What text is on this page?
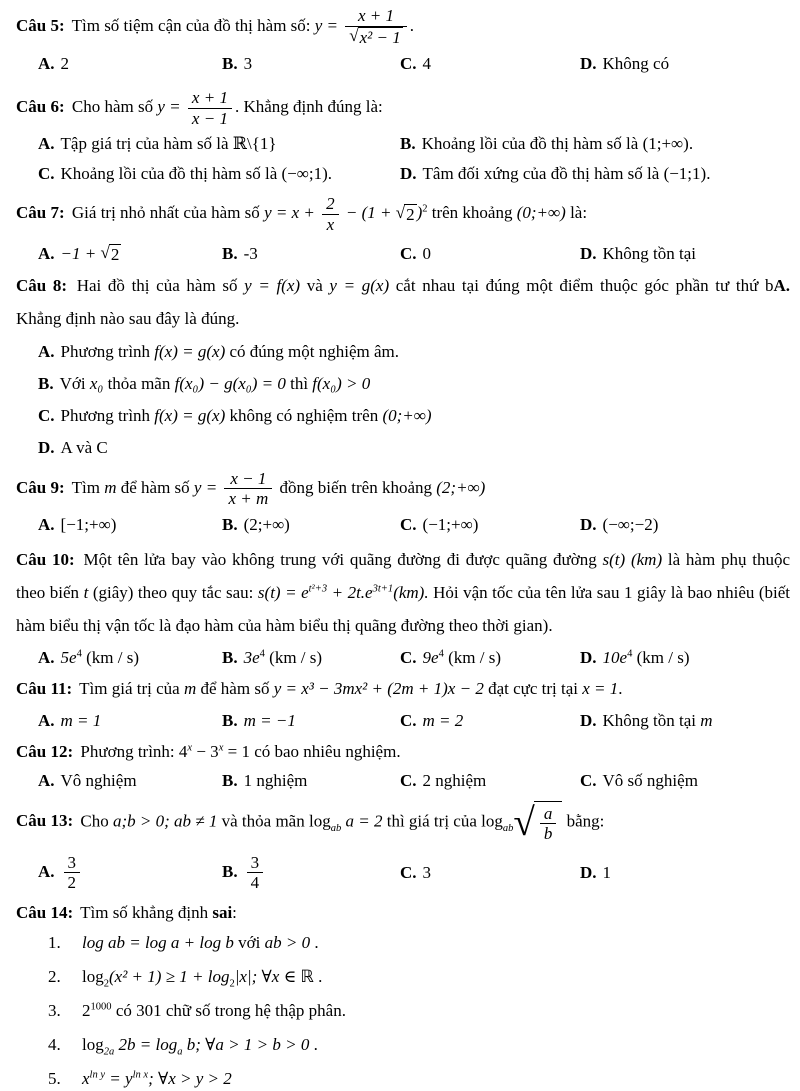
Câu 5: Tìm số tiệm cận của đồ thị hàm số: $y = \frac{x + 1}{\text{√ x² − 1}}$ .
A. 2	B. 3	C. 4	D. Không có
Câu 6: Cho hàm số $y = \frac{x + 1}{x - 1}$ . Khẳng định đúng là:
A. Tập giá trị của hàm số là ℝ\{1}	B. Khoảng lồi của đồ thị hàm số là (1;+∞).
C. Khoảng lồi của đồ thị hàm số là (−∞;1).	D. Tâm đối xứng của đồ thị hàm số là (−1;1).
Câu 7: Giá trị nhỏ nhất của hàm số $y = x + \frac{2}{x} - (1$ + √ 2 )$^2$ trên khoảng (0;+∞) là:
A. −1 + √ 2	B. -3	C. 0	D. Không tồn tại
Câu 8: Hai đồ thị của hàm số y = f(x) và y = g(x) cắt nhau tại đúng một điểm thuộc góc phần tư thứ bA.
Khẳng định nào sau đây là đúng.
A. Phương trình f(x) = g(x) có đúng một nghiệm âm.
B. Với x₀ thỏa mãn f(x₀) − g(x₀) = 0 thì f(x₀) > 0
C. Phương trình f(x) = g(x) không có nghiệm trên (0;+∞)
D. A và C
Câu 9: Tìm m để hàm số $y = \frac{x - 1}{x + m}$ đồng biến trên khoảng (2;+∞)
A. [−1;+∞)	B. (2;+∞)	C. (−1;+∞)	D. (−∞;−2)
Câu 10: Một tên lửa bay vào không trung với quãng đường đi được quãng đường s(t) (km) là hàm phụ thuộc
theo biến t (giây) theo quy tắc sau: $s(t) = e^{t^2+3} + 2t.e^{3t+1}(km)$. Hỏi vận tốc của tên lửa sau 1 giây là bao nhiêu (biết
hàm biểu thị vận tốc là đạo hàm của hàm biểu thị quãng đường theo thời gian).
A. $5e^4$ (km / s)	B. $3e^4$ (km / s)	C. $9e^4$ (km / s)	D. $10e^4$ (km / s)
Câu 11: Tìm giá trị của m để hàm số y = x³ − 3mx² + (2m + 1)x − 2 đạt cực trị tại x = 1.
A. m = 1	B. m = −1	C. m = 2	D. Không tồn tại m
Câu 12: Phương trình: $4^x - 3^x = 1$ có bao nhiêu nghiệm.
A. Vô nghiệm	B. 1 nghiệm	C. 2 nghiệm	C. Vô số nghiệm
Câu 13: Cho a;b > 0; ab ≠ 1 và thỏa mãn $\log_{ab} a = 2$ thì giá trị của $\log_{ab}$ √ $\frac{a}{b}$ bằng:
A. $\frac{3}{2}$	B. $\frac{3}{4}$	C. 3	D. 1
Câu 14: Tìm số khẳng định sai:
1. log ab = log a + log b với ab > 0 .
2. $\log_2(x^2 + 1) \ge 1 + \log_2|x|$; ∀x ∈ ℝ .
3. $2^{1000}$ có 301 chữ số trong hệ thập phân.
4. $\log_{2a} 2b = \log_a b$; ∀a > 1 > b > 0 .
5. $x^{ln y} = y^{ln x}$; ∀x > y > 2
